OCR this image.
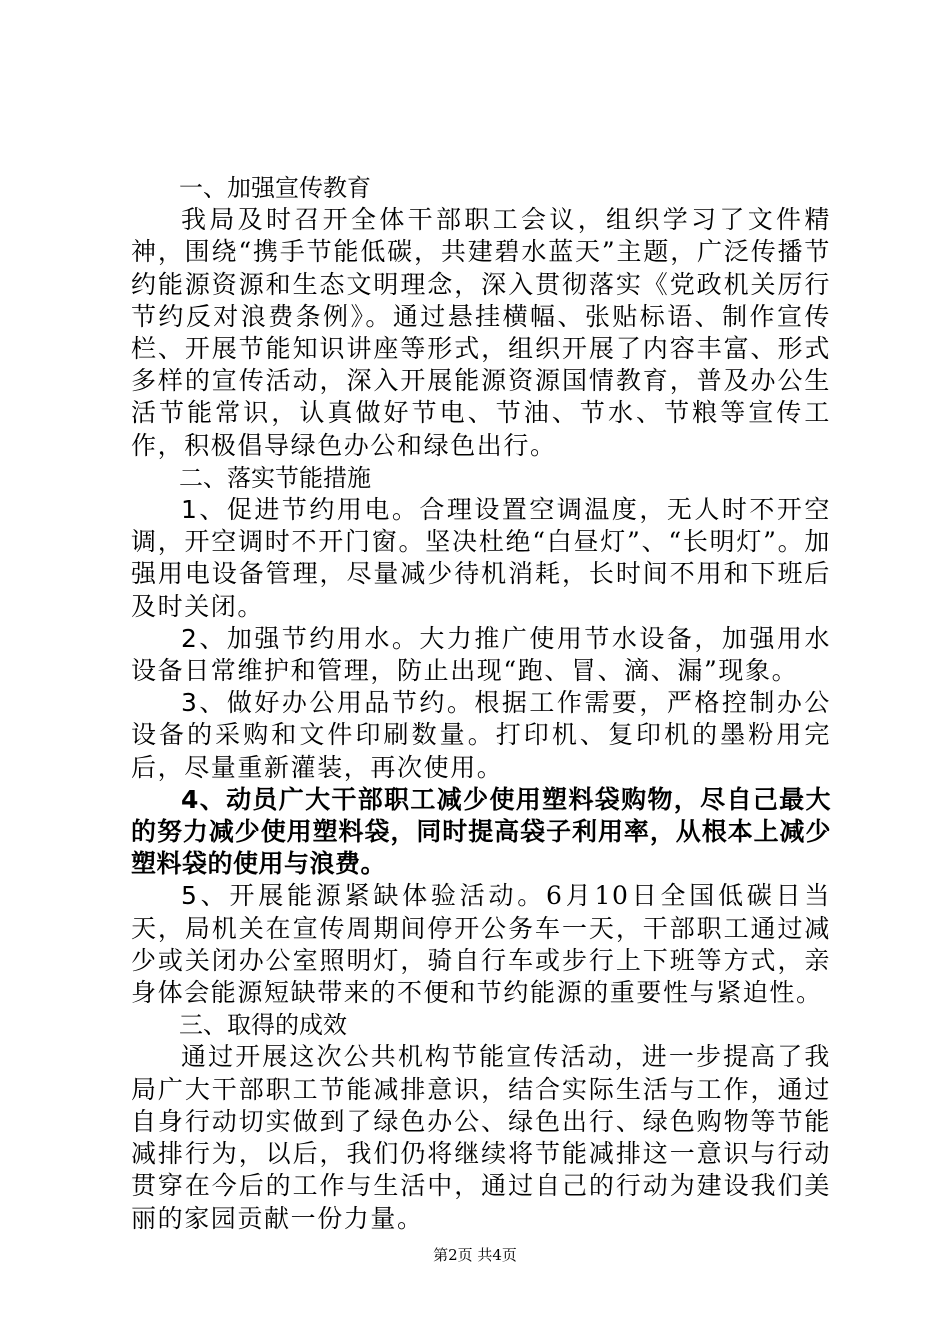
一、加强宣传教育

我局及时召开全体干部职工会议，组织学习了文件精神，围绕“携手节能低碳，共建碧水蓝天”主题，广泛传播节约能源资源和生态文明理念，深入贯彻落实《党政机关厉行节约反对浪费条例》。通过悬挂横幅、张贴标语、制作宣传栏、开展节能知识讲座等形式，组织开展了内容丰富、形式多样的宣传活动，深入开展能源资源国情教育，普及办公生活节能常识，认真做好节电、节油、节水、节粮等宣传工作，积极倡导绿色办公和绿色出行。

二、落实节能措施

1、促进节约用电。合理设置空调温度，无人时不开空调，开空调时不开门窗。坚决杜绝“白昼灯”、“长明灯”。加强用电设备管理，尽量减少待机消耗，长时间不用和下班后及时关闭。

2、加强节约用水。大力推广使用节水设备，加强用水设备日常维护和管理，防止出现“跑、冒、滴、漏”现象。

3、做好办公用品节约。根据工作需要，严格控制办公设备的采购和文件印刷数量。打印机、复印机的墨粉用完后，尽量重新灌装，再次使用。

4、动员广大干部职工减少使用塑料袋购物，尽自己最大的努力减少使用塑料袋，同时提高袋子利用率，从根本上减少塑料袋的使用与浪费。

5、开展能源紧缺体验活动。6月10日全国低碳日当天，局机关在宣传周期间停开公务车一天，干部职工通过减少或关闭办公室照明灯，骑自行车或步行上下班等方式，亲身体会能源短缺带来的不便和节约能源的重要性与紧迫性。

三、取得的成效

通过开展这次公共机构节能宣传活动，进一步提高了我局广大干部职工节能减排意识，结合实际生活与工作，通过自身行动切实做到了绿色办公、绿色出行、绿色购物等节能减排行为，以后，我们仍将继续将节能减排这一意识与行动贯穿在今后的工作与生活中，通过自己的行动为建设我们美丽的家园贡献一份力量。

第2页 共4页
